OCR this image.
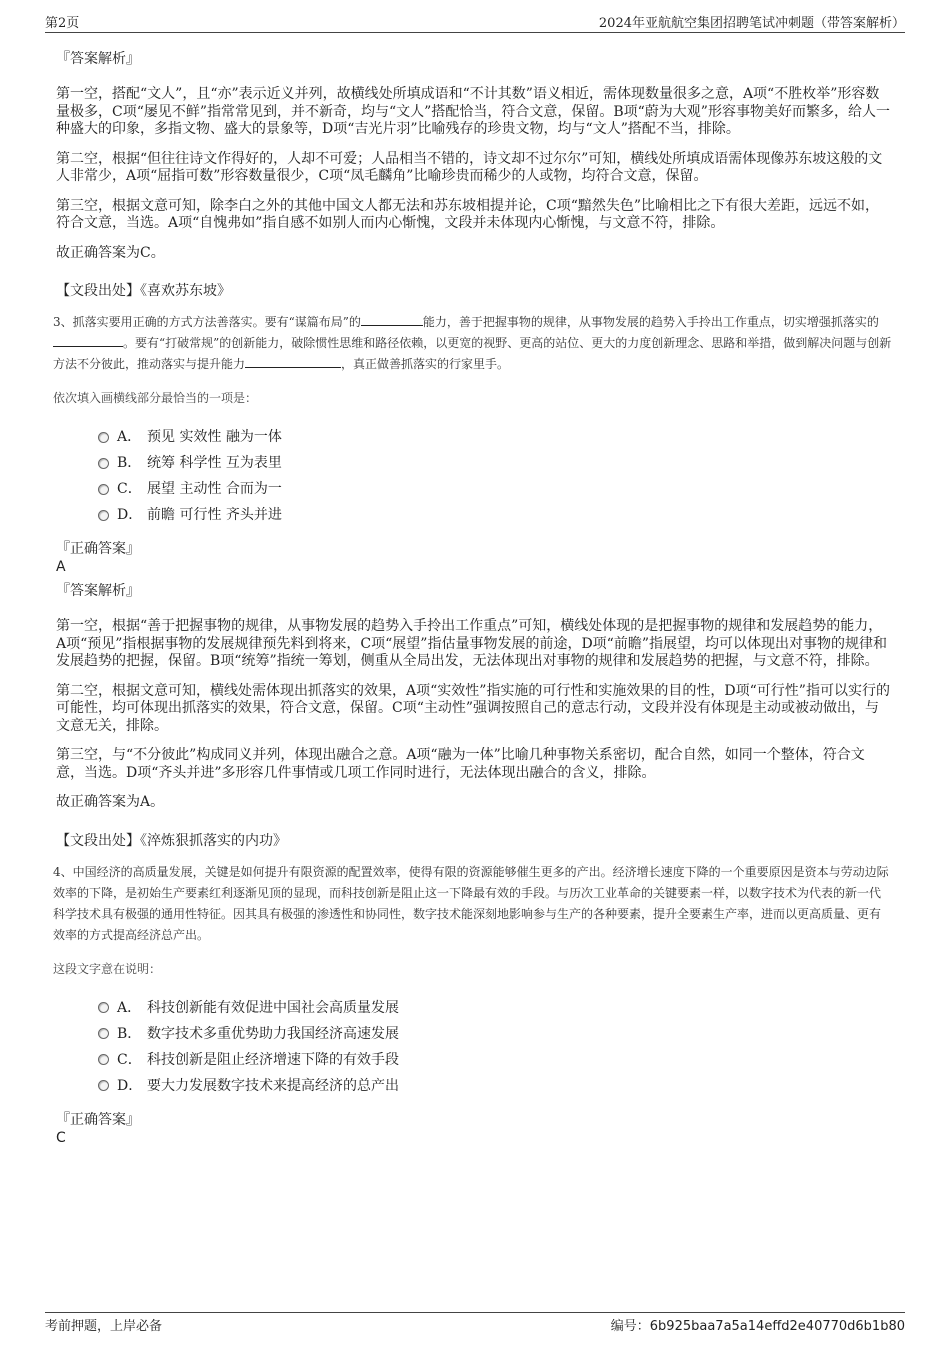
第2页	2024年亚航航空集团招聘笔试冲刺题（带答案解析）
『答案解析』

第一空，搭配“文人”，且“亦”表示近义并列，故横线处所填成语和“不计其数”语义相近，需体现数量很多之意，A项“不胜枚举”形容数量极多，C项“屡见不鲜”指常常见到，并不新奇，均与“文人”搭配恰当，符合文意，保留。B项“蔚为大观”形容事物美好而繁多，给人一种盛大的印象，多指文物、盛大的景象等，D项“吉光片羽”比喻残存的珍贵文物，均与“文人”搭配不当，排除。

第二空，根据“但往往诗文作得好的，人却不可爱；人品相当不错的，诗文却不过尔尔”可知，横线处所填成语需体现像苏东坡这般的文人非常少，A项“屈指可数”形容数量很少，C项“凤毛麟角”比喻珍贵而稀少的人或物，均符合文意，保留。

第三空，根据文意可知，除李白之外的其他中国文人都无法和苏东坡相提并论，C项“黯然失色”比喻相比之下有很大差距，远远不如，符合文意，当选。A项“自愧弗如”指自感不如别人而内心惭愧，文段并未体现内心惭愧，与文意不符，排除。

故正确答案为C。

【文段出处】《喜欢苏东坡》

3、抓落实要用正确的方式方法善落实。要有“谋篇布局”的	能力，善于把握事物的规律，从事物发展的趋势入手拎出工作重点，切实增强抓落实的。要有“打破常规”的创新能力，破除惯性思维和路径依赖，以更宽的视野、更高的站位、更大的力度创新理念、思路和举措，做到解决问题与创新方法不分彼此，推动落实与提升能力	，真正做善抓落实的行家里手。

依次填入画横线部分最恰当的一项是：
A． 预见 实效性 融为一体
B． 统筹 科学性 互为表里
C． 展望 主动性 合而为一
D． 前瞻 可行性 齐头并进
『正确答案』
A
『答案解析』

第一空，根据“善于把握事物的规律，从事物发展的趋势入手拎出工作重点”可知，横线处体现的是把握事物的规律和发展趋势的能力，A项“预见”指根据事物的发展规律预先料到将来，C项“展望”指估量事物发展的前途，D项“前瞻”指展望，均可以体现出对事物的规律和发展趋势的把握，保留。B项“统筹”指统一筹划，侧重从全局出发，无法体现出对事物的规律和发展趋势的把握，与文意不符，排除。

第二空，根据文意可知，横线处需体现出抓落实的效果，A项“实效性”指实施的可行性和实施效果的目的性，D项“可行性”指可以实行的可能性，均可体现出抓落实的效果，符合文意，保留。C项“主动性”强调按照自己的意志行动，文段并没有体现是主动或被动做出，与文意无关，排除。

第三空，与“不分彼此”构成同义并列，体现出融合之意。A项“融为一体”比喻几种事物关系密切，配合自然，如同一个整体，符合文意，当选。D项“齐头并进”多形容几件事情或几项工作同时进行，无法体现出融合的含义，排除。

故正确答案为A。

【文段出处】《淬炼狠抓落实的内功》

4、中国经济的高质量发展，关键是如何提升有限资源的配置效率，使得有限的资源能够催生更多的产出。经济增长速度下降的一个重要原因是资本与劳动边际效率的下降，是初始生产要素红利逐渐见顶的显现，而科技创新是阻止这一下降最有效的手段。与历次工业革命的关键要素一样，以数字技术为代表的新一代科学技术具有极强的通用性特征。因其具有极强的渗透性和协同性，数字技术能深刻地影响参与生产的各种要素，提升全要素生产率，进而以更高质量、更有效率的方式提高经济总产出。

这段文字意在说明：
A． 科技创新能有效促进中国社会高质量发展
B． 数字技术多重优势助力我国经济高速发展
C． 科技创新是阻止经济增速下降的有效手段
D． 要大力发展数字技术来提高经济的总产出
『正确答案』
C
考前押题，上岸必备	编号：6b925baa7a5a14effd2e40770d6b1b80
